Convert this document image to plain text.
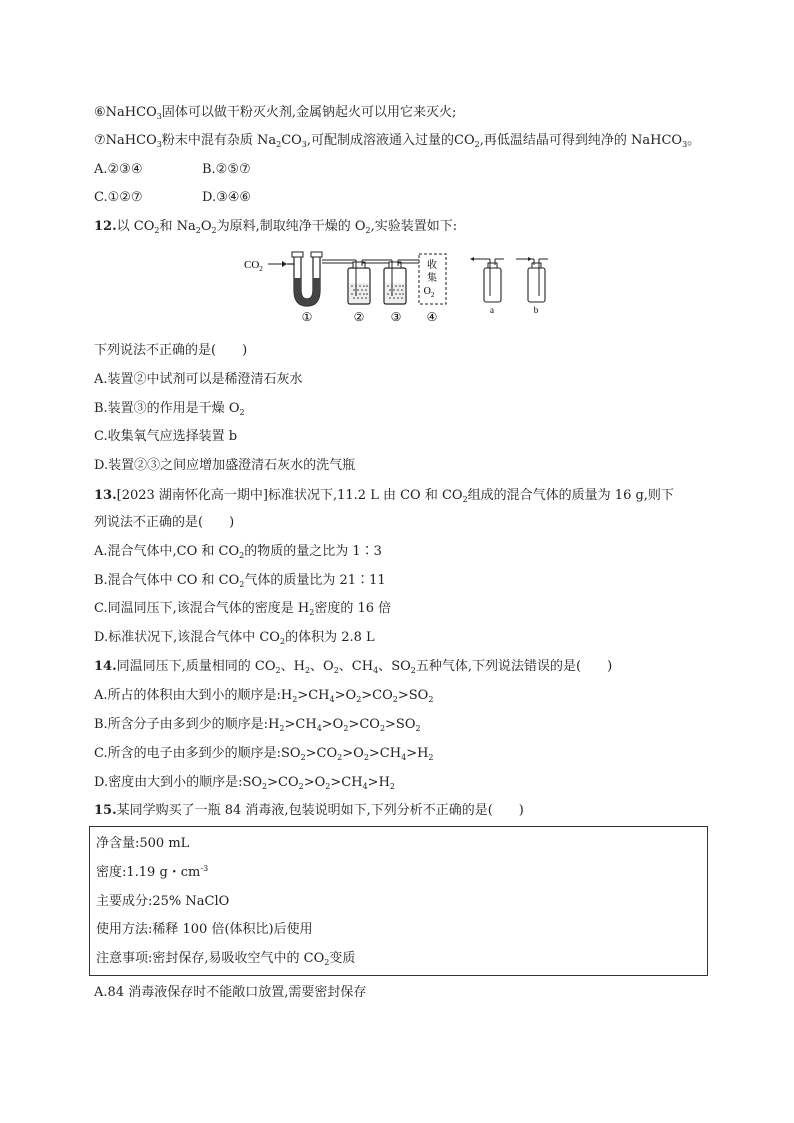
⑥NaHCO$_3$固体可以做干粉灭火剂,金属钠起火可以用它来灭火;
⑦NaHCO$_3$粉末中混有杂质 $Na_2CO_3$,可配制成溶液通入过量的$CO_2$,再低温结晶可得到纯净的 NaHCO$_3$。
A.②③④	B.②⑤⑦
C.①②⑦	D.③④⑥
12.以 $CO_2$和 $Na_2O_2$为原料,制取纯净干燥的 $O_2$,实验装置如下:
$CO_2$	收
集
$O_2$
①	② ③ ④	a	b
下列说法不正确的是(　　)
A.装置②中试剂可以是稀澄清石灰水
B.装置③的作用是干燥 $O_2$
C.收集氧气应选择装置 b
D.装置②③之间应增加盛澄清石灰水的洗气瓶
13.[2023 湖南怀化高一期中]标准状况下,11.2 L 由 CO 和 $CO_2$组成的混合气体的质量为 16 g,则下
列说法不正确的是(　　)
A.混合气体中,CO 和 $CO_2$的物质的量之比为 1∶3
B.混合气体中 CO 和 $CO_2$气体的质量比为 21∶11
C.同温同压下,该混合气体的密度是 $H_2$密度的 16 倍
D.标准状况下,该混合气体中 $CO_2$的体积为 2.8 L
14.同温同压下,质量相同的 $CO_2$、$H_2$、$O_2$、$CH_4$、$SO_2$五种气体,下列说法错误的是(　　)
A.所占的体积由大到小的顺序是$:H_2>CH_4>O_2>CO_2>SO_2$
B.所含分子由多到少的顺序是$:H_2>CH_4>O_2>CO_2>SO_2$
C.所含的电子由多到少的顺序是$:SO_2>CO_2>O_2>CH_4>H_2$
D.密度由大到小的顺序是$:SO_2>CO_2>O_2>CH_4>H_2$
15.某同学购买了一瓶 84 消毒液,包装说明如下,下列分析不正确的是(　　)
净含量:500 mL
密度:1.19 g・$cm^{-3}$
主要成分:25% NaClO
使用方法:稀释 100 倍(体积比)后使用
注意事项:密封保存,易吸收空气中的 $CO_2$变质
A.84 消毒液保存时不能敞口放置,需要密封保存
